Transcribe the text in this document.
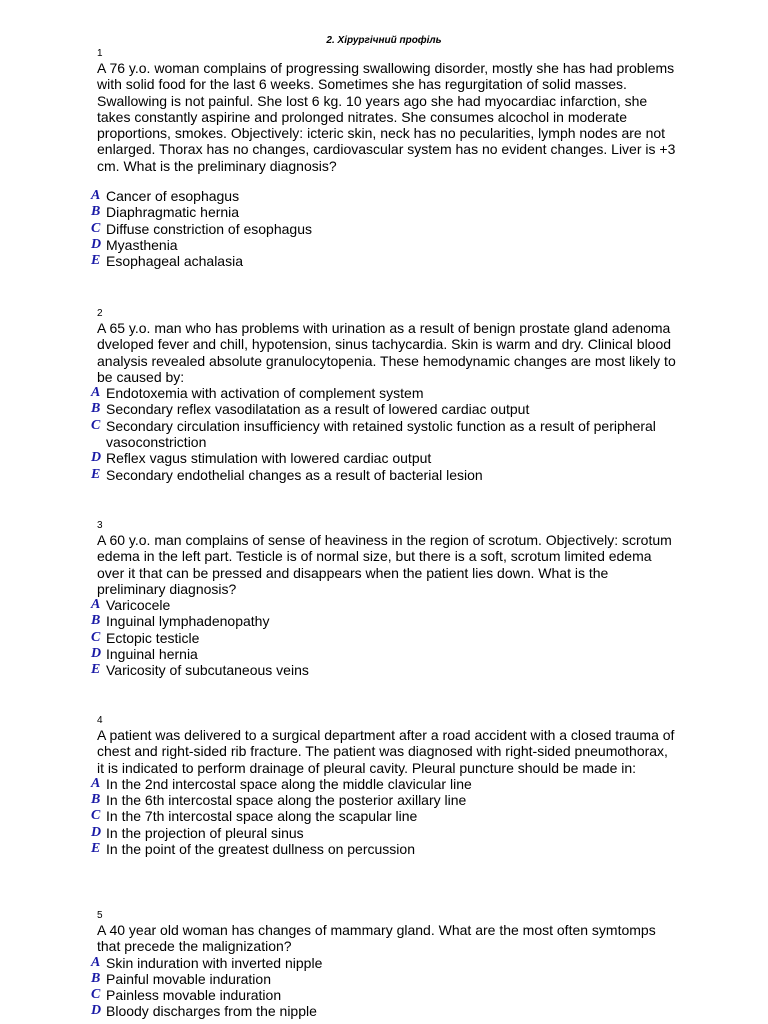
2. Хірургічний профіль
1
A 76 y.o. woman complains of progressing swallowing disorder, mostly she has had problems with solid food for the last 6 weeks. Sometimes she has regurgitation of solid masses. Swallowing is not painful. She lost 6 kg. 10 years ago she had myocardiac infarction, she takes constantly aspirine and prolonged nitrates. She consumes alcochol in moderate proportions, smokes. Objectively: icteric skin, neck has no pecularities, lymph nodes are not enlarged. Thorax has no changes, cardiovascular system has no evident changes. Liver is +3 cm. What is the preliminary diagnosis?
A Cancer of esophagus
B Diaphragmatic hernia
C Diffuse constriction of esophagus
D Myasthenia
E Esophageal achalasia
2
A 65 y.o. man who has problems with urination as a result of benign prostate gland adenoma dveloped fever and chill, hypotension, sinus tachycardia. Skin is warm and dry. Clinical blood analysis revealed absolute granulocytopenia. These hemodynamic changes are most likely to be caused by:
A Endotoxemia with activation of complement system
B Secondary reflex vasodilatation as a result of lowered cardiac output
C Secondary circulation insufficiency with retained systolic function as a result of peripheral vasoconstriction
D Reflex vagus stimulation with lowered cardiac output
E Secondary endothelial changes as a result of bacterial lesion
3
A 60 y.o. man complains of sense of heaviness in the region of scrotum. Objectively: scrotum edema in the left part. Testicle is of normal size, but there is a soft, scrotum limited edema over it that can be pressed and disappears when the patient lies down. What is the preliminary diagnosis?
A Varicocele
B Inguinal lymphadenopathy
C Ectopic testicle
D Inguinal hernia
E Varicosity of subcutaneous veins
4
A patient was delivered to a surgical department after a road accident with a closed trauma of chest and right-sided rib fracture. The patient was diagnosed with right-sided pneumothorax, it is indicated to perform drainage of pleural cavity. Pleural puncture should be made in:
A In the 2nd intercostal space along the middle clavicular line
B In the 6th intercostal space along the posterior axillary line
C In the 7th intercostal space along the scapular line
D In the projection of pleural sinus
E In the point of the greatest dullness on percussion
5
A 40 year old woman has changes of mammary gland. What are the most often symtomps that precede the malignization?
A Skin induration with inverted nipple
B Painful movable induration
C Painless movable induration
D Bloody discharges from the nipple
